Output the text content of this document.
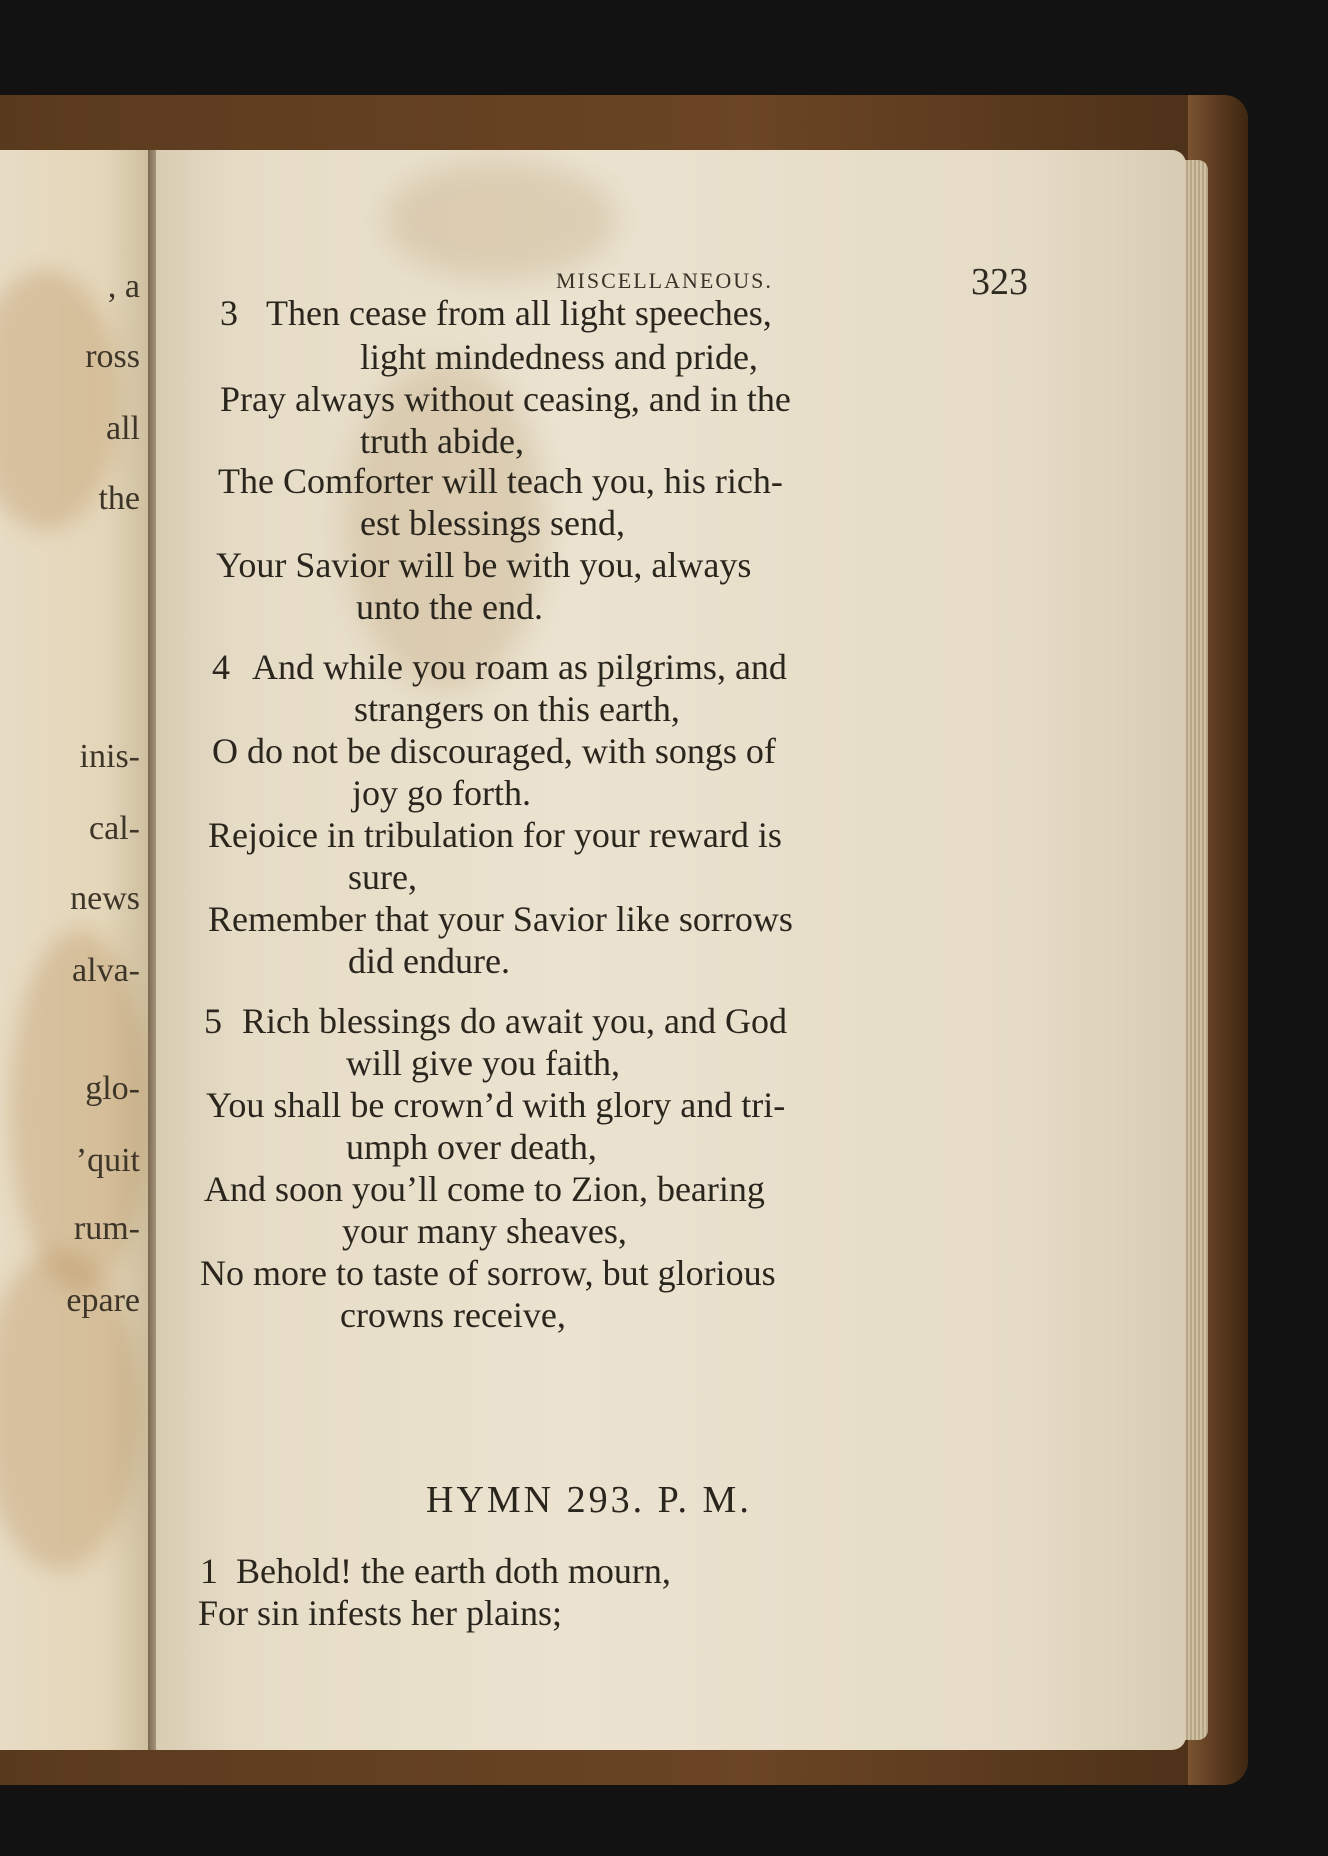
, a
ross
all
the
inis-
cal-
news
alva-
glo-
’quit
rum-
epare
MISCELLANEOUS.	323
3 Then cease from all light speeches,
light mindedness and pride,
Pray always without ceasing, and in the
truth abide,
The Comforter will teach you, his rich-
est blessings send,
Your Savior will be with you, always
unto the end.
4 And while you roam as pilgrims, and
strangers on this earth,
O do not be discouraged, with songs of
joy go forth.
Rejoice in tribulation for your reward is
sure,
Remember that your Savior like sorrows
did endure.
5 Rich blessings do await you, and God
will give you faith,
You shall be crown’d with glory and tri-
umph over death,
And soon you’ll come to Zion, bearing
your many sheaves,
No more to taste of sorrow, but glorious
crowns receive,
HYMN 293. P. M.
1 Behold! the earth doth mourn,
For sin infests her plains;
